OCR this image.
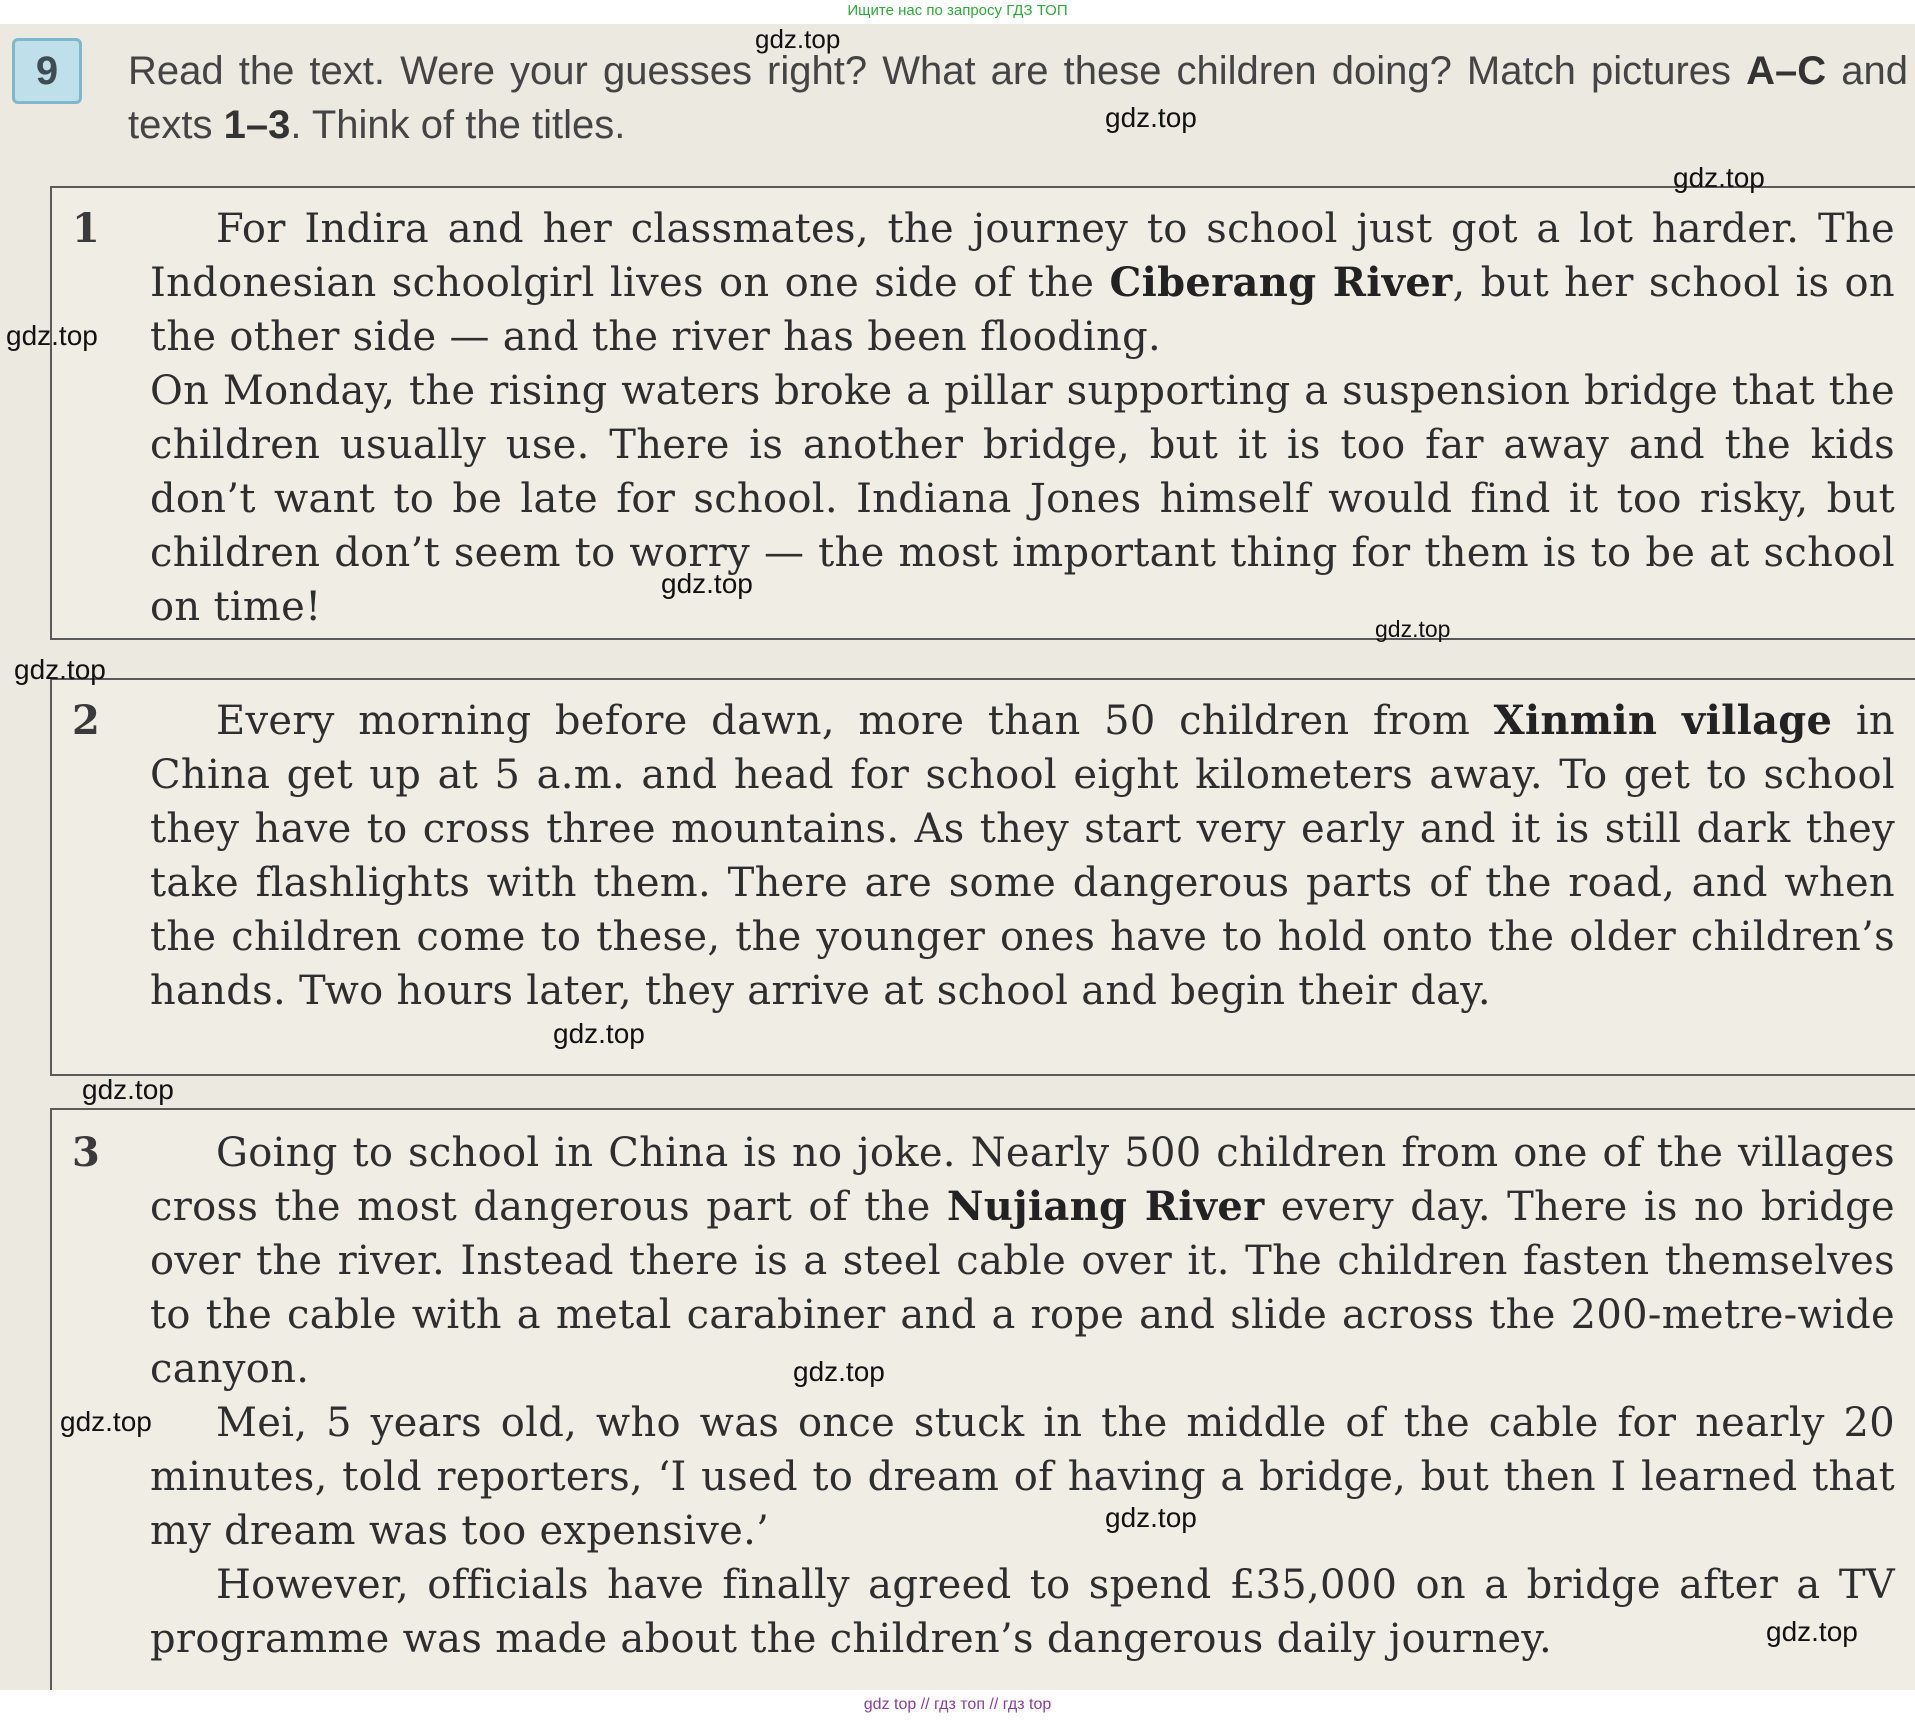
Ищите нас по запросу ГДЗ ТОП
9	Read the text. Were your guesses right? What are these children doing? Match pictures A–C and texts 1–3. Think of the titles.
1	For Indira and her classmates, the journey to school just got a lot harder. The Indonesian schoolgirl lives on one side of the Ciberang River, but her school is on the other side — and the river has been flooding.

On Monday, the rising waters broke a pillar supporting a suspension bridge that the children usually use. There is another bridge, but it is too far away and the kids don’t want to be late for school. Indiana Jones himself would find it too risky, but children don’t seem to worry — the most important thing for them is to be at school on time!

2	Every morning before dawn, more than 50 children from Xinmin village in China get up at 5 a.m. and head for school eight kilometers away. To get to school they have to cross three mountains. As they start very early and it is still dark they take flashlights with them. There are some dangerous parts of the road, and when the children come to these, the younger ones have to hold onto the older children’s hands. Two hours later, they arrive at school and begin their day.

3	Going to school in China is no joke. Nearly 500 children from one of the villages cross the most dangerous part of the Nujiang River every day. There is no bridge over the river. Instead there is a steel cable over it. The children fasten themselves to the cable with a metal carabiner and a rope and slide across the 200-metre-wide canyon.

Mei, 5 years old, who was once stuck in the middle of the cable for nearly 20 minutes, told reporters, ‘I used to dream of having a bridge, but then I learned that my dream was too expensive.’

However, officials have finally agreed to spend £35,000 on a bridge after a TV programme was made about the children’s dangerous daily journey.

gdz.top
gdz.top
gdz.top
gdz.top
gdz.top
gdz.top
gdz.top
gdz.top
gdz.top
gdz.top
gdz.top
gdz.top
gdz.top
gdz top // гдз топ // гдз top
